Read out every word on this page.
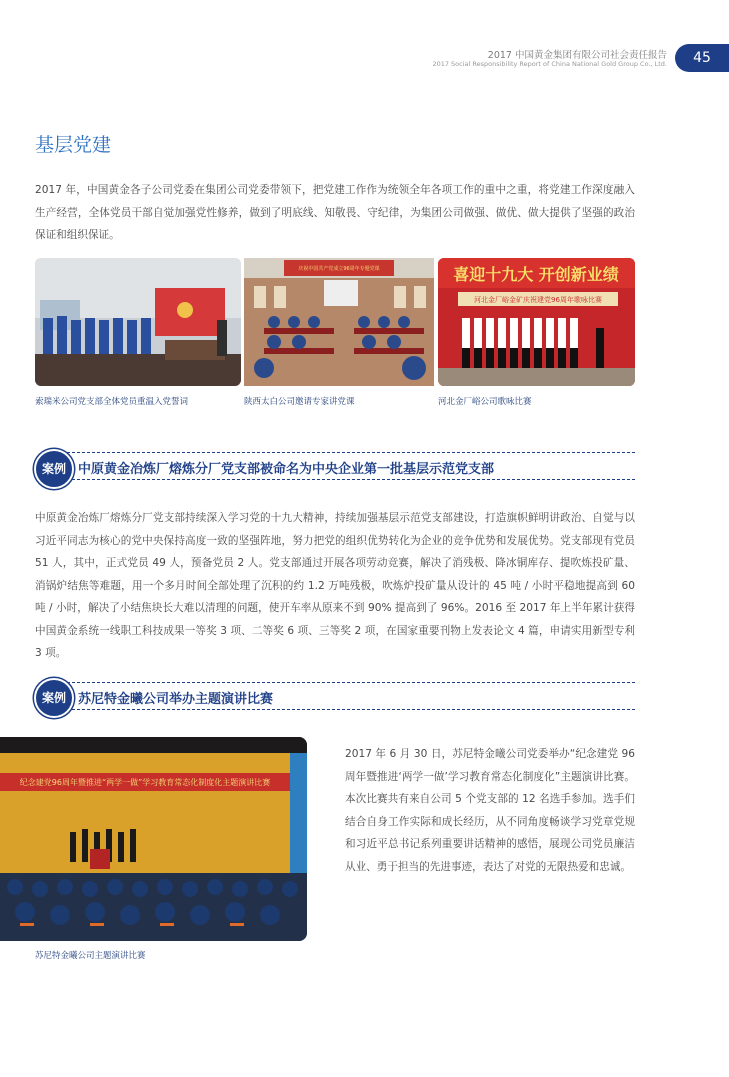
2017 中国黄金集团有限公司社会责任报告
2017 Social Responsibility Report of China National Gold Group Co., Ltd.	45
基层党建
2017 年，中国黄金各子公司党委在集团公司党委带领下，把党建工作作为统领全年各项工作的重中之重，将党建工作深度融入生产经营，全体党员干部自觉加强党性修养，做到了明底线、知敬畏、守纪律，为集团公司做强、做优、做大提供了坚强的政治保证和组织保证。
庆祝中国共产党成立96周年专题党课	喜迎十九大 开创新业绩
河北金厂峪金矿庆祝建党96周年歌咏比赛
索瑞米公司党支部全体党员重温入党誓词	陕西太白公司邀请专家讲党课	河北金厂峪公司歌咏比赛
案例 中原黄金冶炼厂熔炼分厂党支部被命名为中央企业第一批基层示范党支部
中原黄金冶炼厂熔炼分厂党支部持续深入学习党的十九大精神，持续加强基层示范党支部建设，打造旗帜鲜明讲政治、自觉与以习近平同志为核心的党中央保持高度一致的坚强阵地，努力把党的组织优势转化为企业的竞争优势和发展优势。党支部现有党员 51 人，其中，正式党员 49 人，预备党员 2 人。党支部通过开展各项劳动竞赛，解决了消残极、降冰铜库存、提吹炼投矿量、消锅炉结焦等难题，用一个多月时间全部处理了沉积的约 1.2 万吨残极，吹炼炉投矿量从设计的 45 吨 / 小时平稳地提高到 60 吨 / 小时，解决了小结焦块长大难以清理的问题，使开车率从原来不到 90% 提高到了 96%。2016 至 2017 年上半年累计获得中国黄金系统一线职工科技成果一等奖 3 项、二等奖 6 项、三等奖 2 项，在国家重要刊物上发表论文 4 篇，申请实用新型专利 3 项。
案例 苏尼特金曦公司举办主题演讲比赛
纪念建党96周年暨推进“两学一做”学习教育常态化制度化主题演讲比赛
苏尼特金曦公司主题演讲比赛
2017 年 6 月 30 日，苏尼特金曦公司党委举办“纪念建党 96 周年暨推进‘两学一做’学习教育常态化制度化”主题演讲比赛。本次比赛共有来自公司 5 个党支部的 12 名选手参加。选手们结合自身工作实际和成长经历，从不同角度畅谈学习党章党规和习近平总书记系列重要讲话精神的感悟，展现公司党员廉洁从业、勇于担当的先进事迹，表达了对党的无限热爱和忠诚。
